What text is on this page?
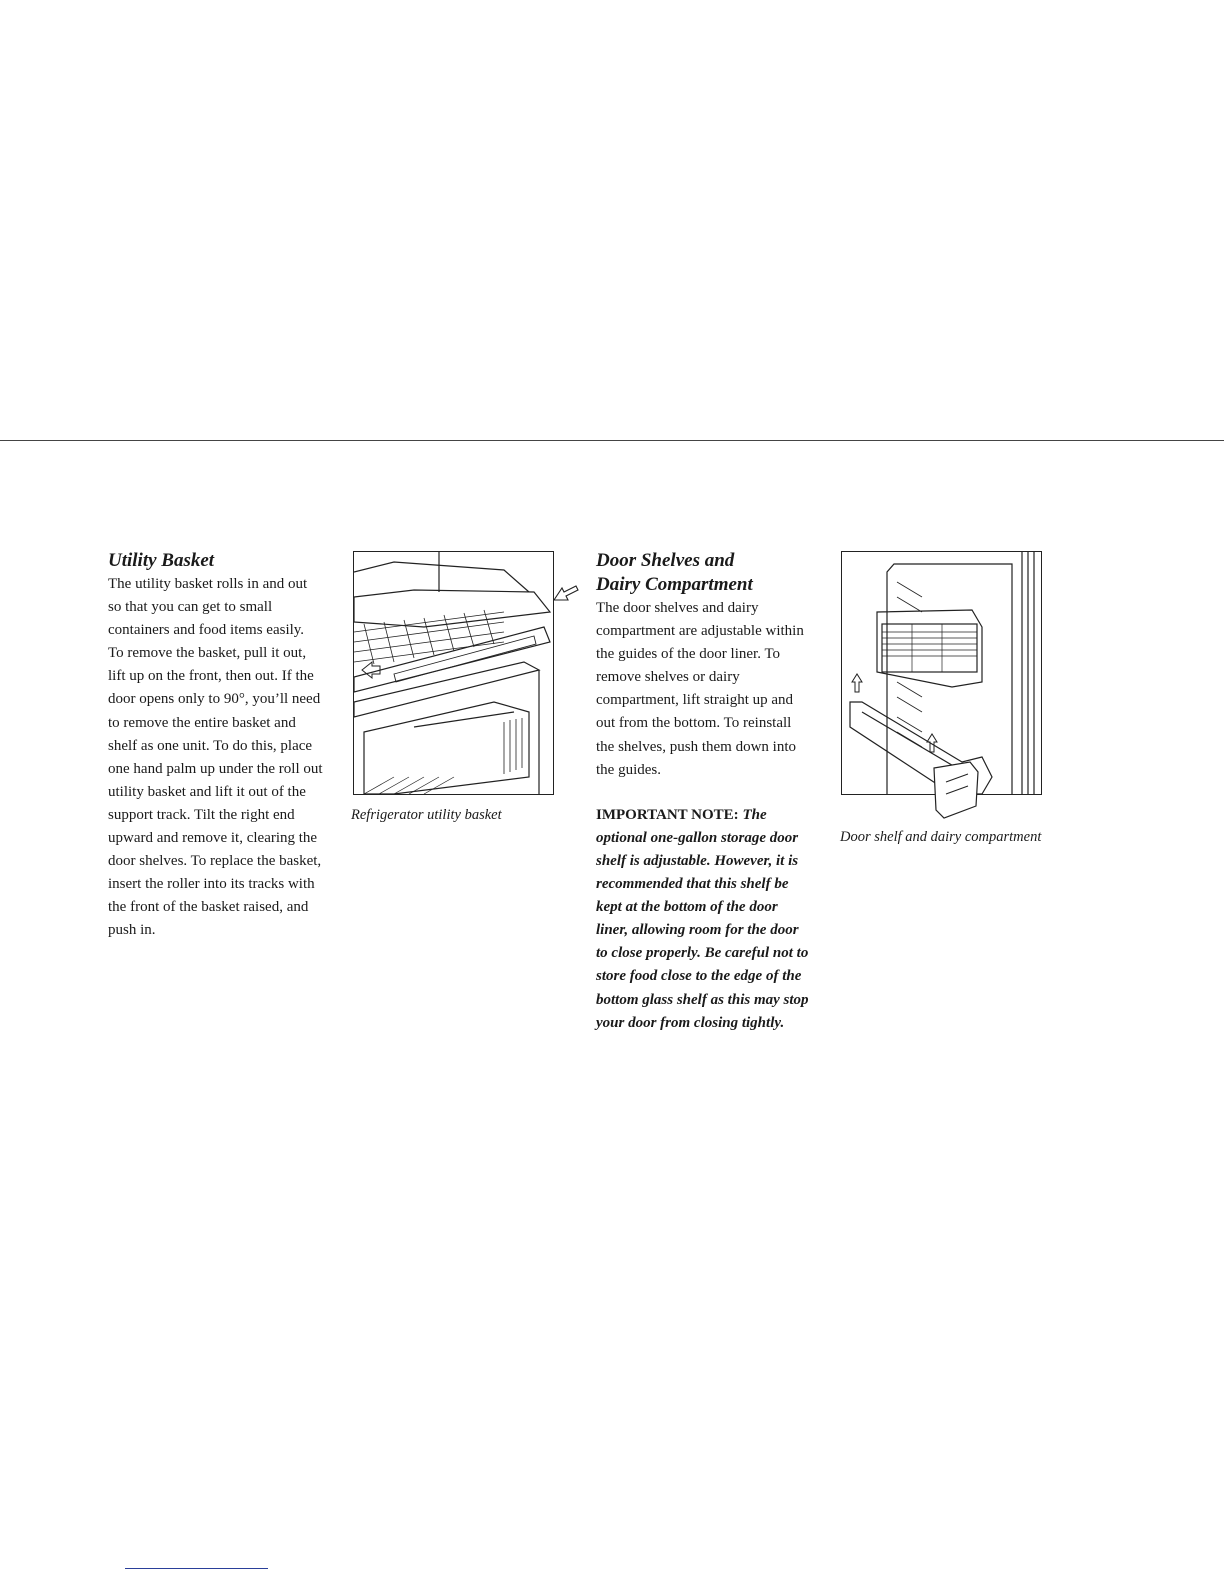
Utility Basket

The utility basket rolls in and out so that you can get to small containers and food items easily. To remove the basket, pull it out, lift up on the front, then out. If the door opens only to 90°, you’ll need to remove the entire basket and shelf as one unit. To do this, place one hand palm up under the roll out utility basket and lift it out of the support track. Tilt the right end upward and remove it, clearing the door shelves. To replace the basket, insert the roller into its tracks with the front of the basket raised, and push in.

Refrigerator utility basket

Door Shelves and
Dairy Compartment

The door shelves and dairy compartment are adjustable within the guides of the door liner. To remove shelves or dairy compartment, lift straight up and out from the bottom. To reinstall the shelves, push them down into the guides.

IMPORTANT NOTE: The optional one-gallon storage door shelf is adjustable. However, it is recommended that this shelf be kept at the bottom of the door liner, allowing room for the door to close properly. Be careful not to store food close to the edge of the bottom glass shelf as this may stop your door from closing tightly.

Door shelf and dairy compartment
